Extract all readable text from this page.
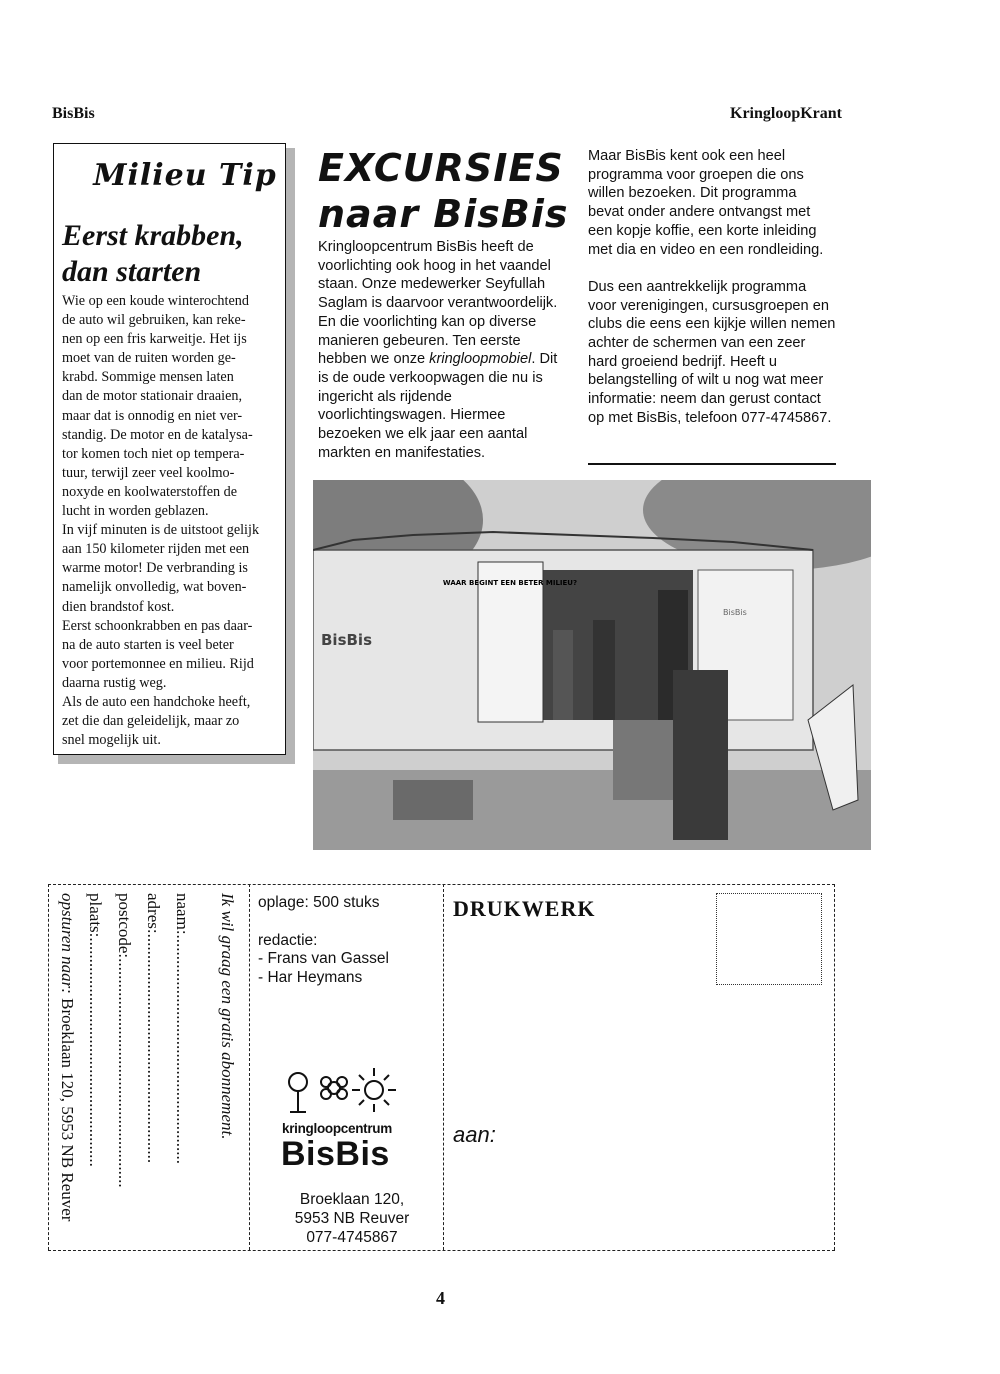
BisBis	KringloopKrant
Milieu Tip
Eerst krabben,
dan starten
Wie op een koude winterochtend
de auto wil gebruiken, kan reke-
nen op een fris karweitje. Het ijs
moet van de ruiten worden ge-
krabd. Sommige mensen laten
dan de motor stationair draaien,
maar dat is onnodig en niet ver-
standig. De motor en de katalysa-
tor komen toch niet op tempera-
tuur, terwijl zeer veel koolmo-
noxyde en koolwaterstoffen de
lucht in worden geblazen.
In vijf minuten is de uitstoot gelijk
aan 150 kilometer rijden met een
warme motor! De verbranding is
namelijk onvolledig, wat boven-
dien brandstof kost.
Eerst schoonkrabben en pas daar-
na de auto starten is veel beter
voor portemonnee en milieu. Rijd
daarna rustig weg.
Als de auto een handchoke heeft,
zet die dan geleidelijk, maar zo
snel mogelijk uit.
EXCURSIES
naar BisBis
Kringloopcentrum BisBis heeft de voorlichting ook hoog in het vaandel staan. Onze medewerker Seyfullah Saglam is daarvoor verantwoordelijk. En die voorlichting kan op diverse manieren gebeuren. Ten eerste hebben we onze kringloopmobiel. Dit is de oude verkoopwagen die nu is ingericht als rijdende voorlichtingswagen. Hiermee bezoeken we elk jaar een aantal markten en manifestaties.
Maar BisBis kent ook een heel programma voor groepen die ons willen bezoeken. Dit programma bevat onder andere ontvangst met een kopje koffie, een korte inleiding met dia en video en een rondleiding.

Dus een aantrekkelijk programma voor verenigingen, cursusgroepen en clubs die eens een kijkje willen nemen achter de schermen van een zeer hard groeiend bedrijf. Heeft u belangstelling of wilt u nog wat meer informatie: neem dan gerust contact op met BisBis, telefoon 077-4745867.
WAAR BEGINT EEN BETER MILIEU?
BisBis
BisBis
Ik wil graag een gratis abonnement.
naam:......................................................
adres:......................................................
postcode:......................................................
plaats:......................................................
opsturen naar: Broeklaan 120, 5953 NB Reuver
oplage: 500 stuks
redactie:
- Frans van Gassel
- Har Heymans
kringloopcentrum
BisBis
Broeklaan 120,
5953 NB Reuver
077-4745867
DRUKWERK
aan:
4
